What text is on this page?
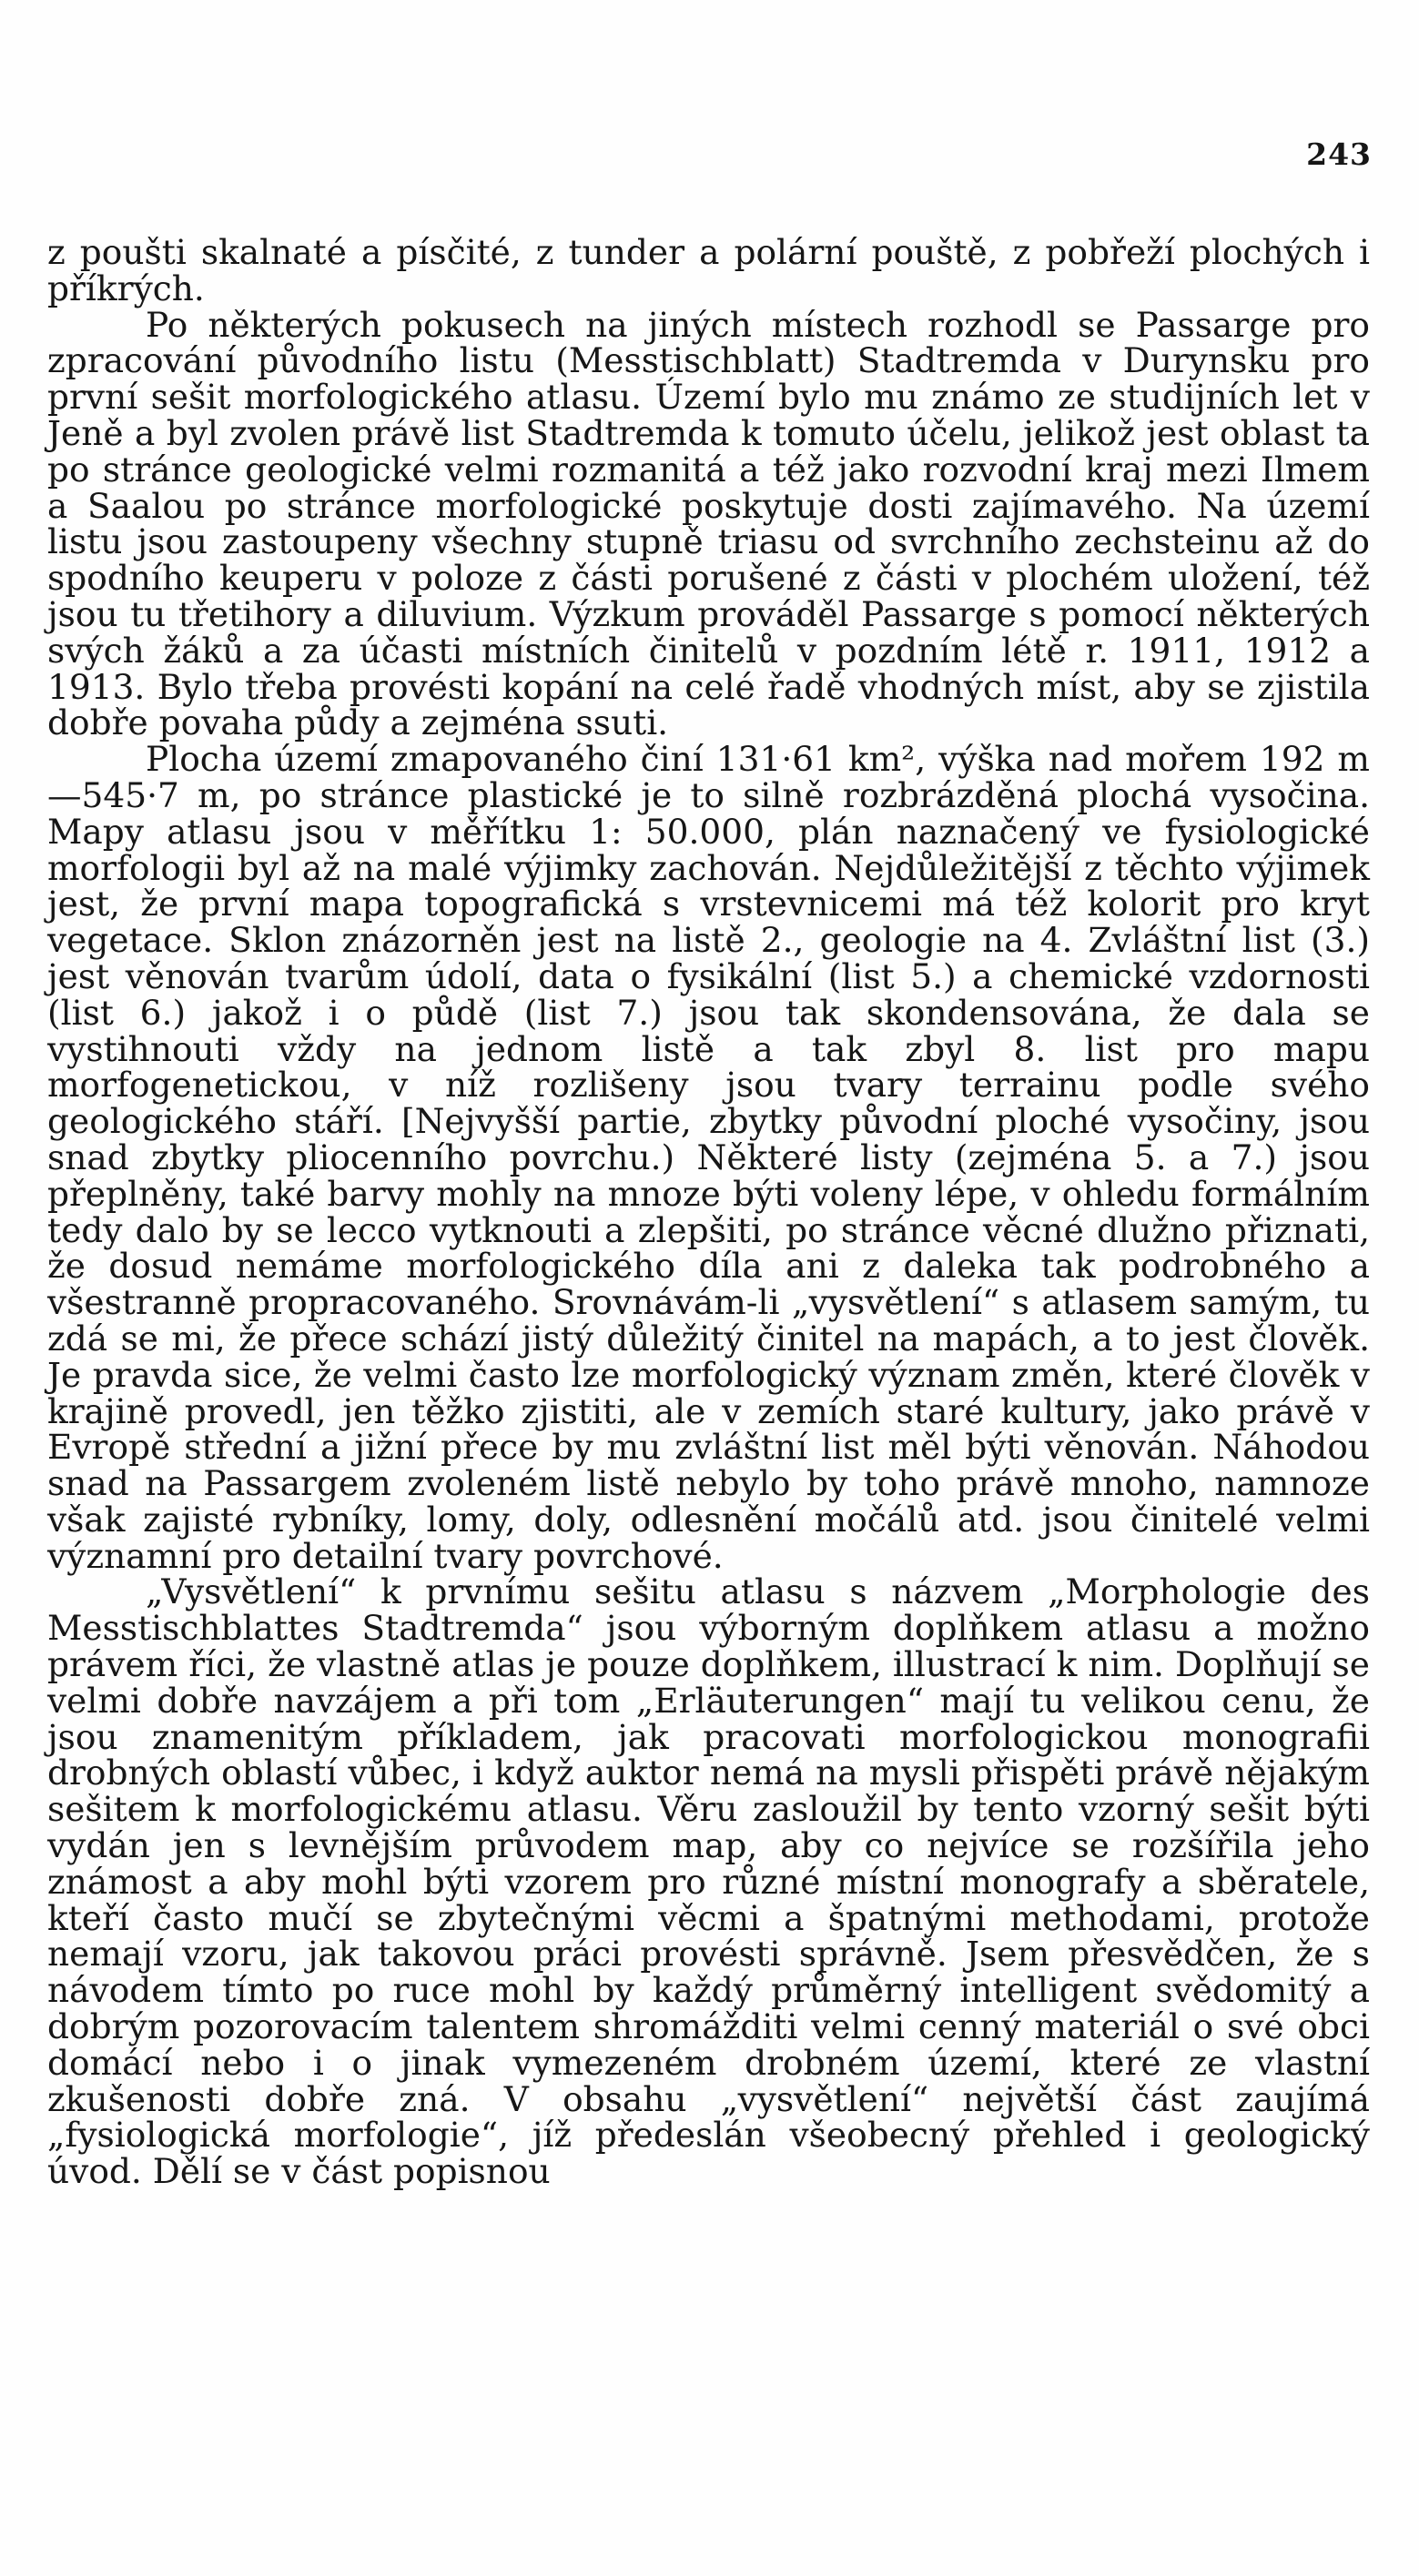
243

z poušti skalnaté a písčité, z tunder a polární pouště, z pobřeží plochých i příkrých.

Po některých pokusech na jiných místech rozhodl se Passarge pro zpracování původního listu (Messtischblatt) Stadtremda v Durynsku pro první sešit morfologického atlasu. Území bylo mu známo ze studijních let v Jeně a byl zvolen právě list Stadtremda k tomuto účelu, jelikož jest oblast ta po stránce geologické velmi rozmanitá a též jako rozvodní kraj mezi Ilmem a Saalou po stránce morfologické poskytuje dosti zajímavého. Na území listu jsou zastoupeny všechny stupně triasu od svrchního zechsteinu až do spodního keuperu v poloze z části porušené z části v plochém uložení, též jsou tu třetihory a diluvium. Výzkum prováděl Passarge s pomocí některých svých žáků a za účasti místních činitelů v pozdním létě r. 1911, 1912 a 1913. Bylo třeba provésti kopání na celé řadě vhodných míst, aby se zjistila dobře povaha půdy a zejména ssuti.

Plocha území zmapovaného činí 131·61 km², výška nad mořem 192 m—545·7 m, po stránce plastické je to silně rozbrázděná plochá vysočina. Mapy atlasu jsou v měřítku 1: 50.000, plán naznačený ve fysiologické morfologii byl až na malé výjimky zachován. Nejdůležitější z těchto výjimek jest, že první mapa topografická s vrstevnicemi má též kolorit pro kryt vegetace. Sklon znázorněn jest na listě 2., geologie na 4. Zvláštní list (3.) jest věnován tvarům údolí, data o fysikální (list 5.) a chemické vzdornosti (list 6.) jakož i o půdě (list 7.) jsou tak skondensována, že dala se vystihnouti vždy na jednom listě a tak zbyl 8. list pro mapu morfogenetickou, v níž rozlišeny jsou tvary terrainu podle svého geologického stáří. [Nejvyšší partie, zbytky původní ploché vysočiny, jsou snad zbytky pliocenního povrchu.) Některé listy (zejména 5. a 7.) jsou přeplněny, také barvy mohly na mnoze býti voleny lépe, v ohledu formálním tedy dalo by se lecco vytknouti a zlepšiti, po stránce věcné dlužno přiznati, že dosud nemáme morfologického díla ani z daleka tak podrobného a všestranně propracovaného. Srovnávám-li „vysvětlení“ s atlasem samým, tu zdá se mi, že přece schází jistý důležitý činitel na mapách, a to jest člověk. Je pravda sice, že velmi často lze morfologický význam změn, které člověk v krajině provedl, jen těžko zjistiti, ale v zemích staré kultury, jako právě v Evropě střední a jižní přece by mu zvláštní list měl býti věnován. Náhodou snad na Passargem zvoleném listě nebylo by toho právě mnoho, namnoze však zajisté rybníky, lomy, doly, odlesnění močálů atd. jsou činitelé velmi významní pro detailní tvary povrchové.

„Vysvětlení“ k prvnímu sešitu atlasu s názvem „Morphologie des Messtischblattes Stadtremda“ jsou výborným doplňkem atlasu a možno právem říci, že vlastně atlas je pouze doplňkem, illustrací k nim. Doplňují se velmi dobře navzájem a při tom „Erläuterungen“ mají tu velikou cenu, že jsou znamenitým příkladem, jak pracovati morfologickou monografii drobných oblastí vůbec, i když auktor nemá na mysli přispěti právě nějakým sešitem k morfologickému atlasu. Věru zasloužil by tento vzorný sešit býti vydán jen s levnějším průvodem map, aby co nejvíce se rozšířila jeho známost a aby mohl býti vzorem pro různé místní monografy a sběratele, kteří často mučí se zbytečnými věcmi a špatnými methodami, protože nemají vzoru, jak takovou práci provésti správně. Jsem přesvědčen, že s návodem tímto po ruce mohl by každý průměrný intelligent svědomitý a dobrým pozorovacím talentem shromážditi velmi cenný materiál o své obci domácí nebo i o jinak vymezeném drobném území, které ze vlastní zkušenosti dobře zná. V obsahu „vysvětlení“ největší část zaujímá „fysiologická morfologie“, jíž předeslán všeobecný přehled i geologický úvod. Dělí se v část popisnou
